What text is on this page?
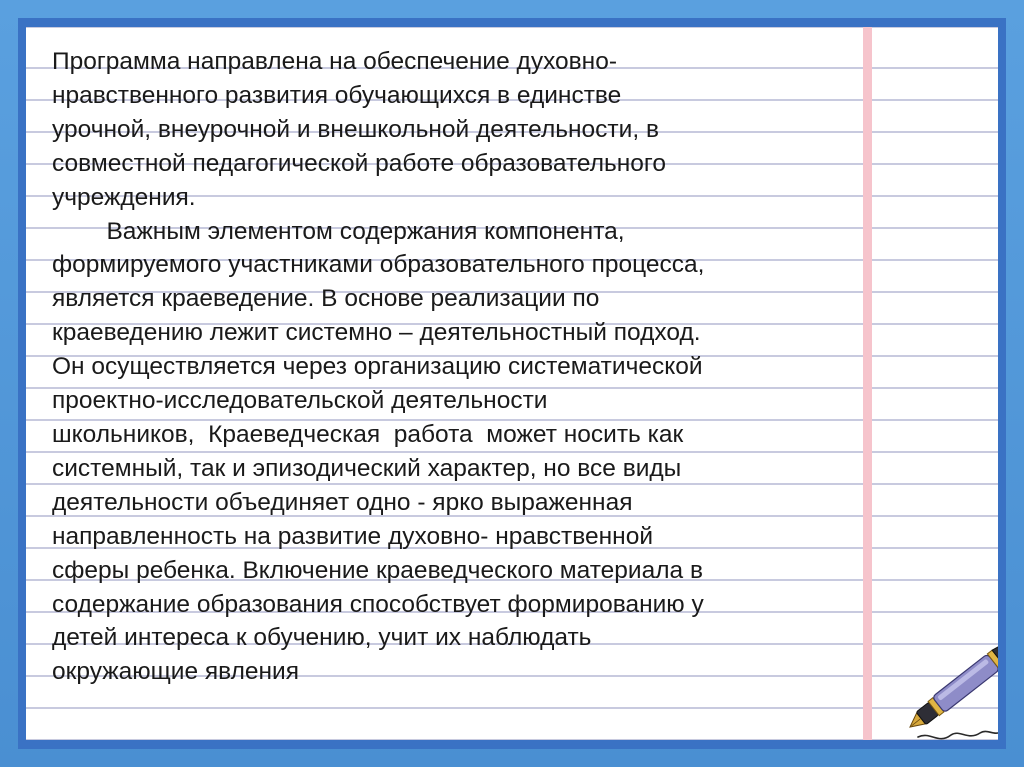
Программа направлена на обеспечение духовно-
нравственного развития обучающихся в единстве
урочной, внеурочной и внешкольной деятельности, в
совместной педагогической работе образовательного
учреждения.
Важным элементом содержания компонента,
формируемого участниками образовательного процесса,
является краеведение. В основе реализации по
краеведению лежит системно – деятельностный подход.
Он осуществляется через организацию систематической
проектно-исследовательской деятельности
школьников,  Краеведческая  работа  может носить как
системный, так и эпизодический характер, но все виды
деятельности объединяет одно - ярко выраженная
направленность на развитие духовно- нравственной
сферы ребенка. Включение краеведческого материала в
содержание образования способствует формированию у
детей интереса к обучению, учит их наблюдать
окружающие явления
